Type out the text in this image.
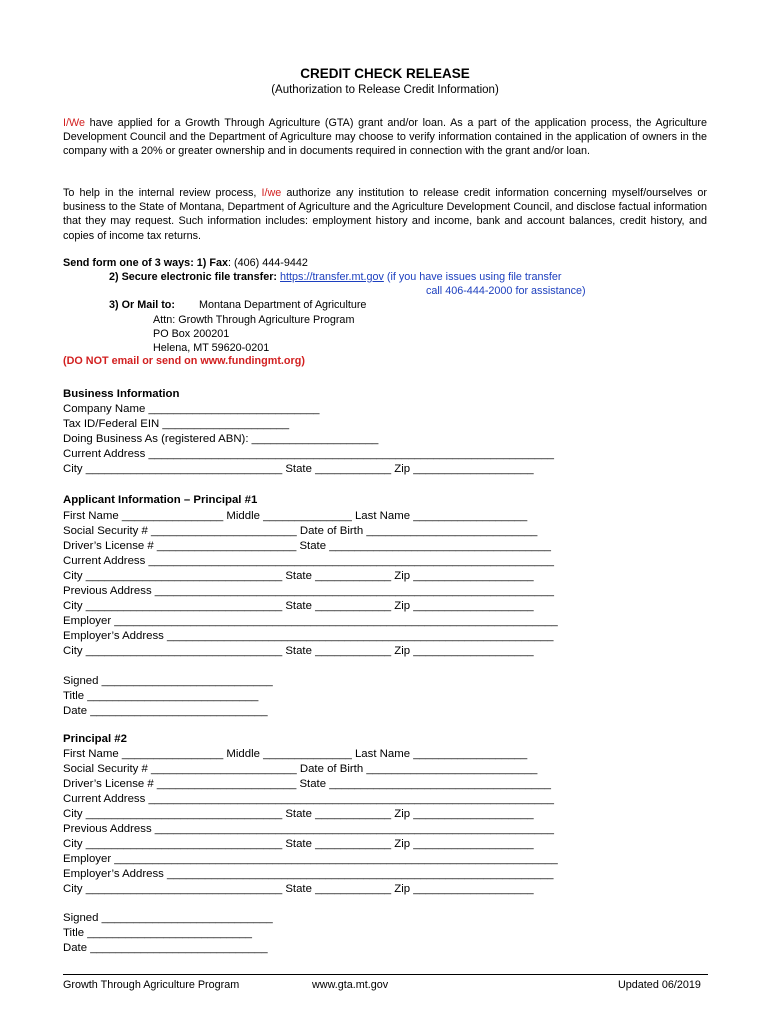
CREDIT CHECK RELEASE
(Authorization to Release Credit Information)
I/We have applied for a Growth Through Agriculture (GTA) grant and/or loan. As a part of the application process, the Agriculture Development Council and the Department of Agriculture may choose to verify information contained in the application of owners in the company with a 20% or greater ownership and in documents required in connection with the grant and/or loan.
To help in the internal review process, I/we authorize any institution to release credit information concerning myself/ourselves or business to the State of Montana, Department of Agriculture and the Agriculture Development Council, and disclose factual information that they may request. Such information includes: employment history and income, bank and account balances, credit history, and copies of income tax returns.
Send form one of 3 ways: 1) Fax: (406) 444-9442
2) Secure electronic file transfer: https://transfer.mt.gov (if you have issues using file transfer
call 406-444-2000 for assistance)
3) Or Mail to: Montana Department of Agriculture
Attn: Growth Through Agriculture Program
PO Box 200201
Helena, MT 59620-0201
(DO NOT email or send on www.fundingmt.org)
Business Information
Company Name ___________________________
Tax ID/Federal EIN ____________________
Doing Business As (registered ABN): ____________________
Current Address ________________________________________________________________
City _______________________________ State ____________ Zip ___________________
Applicant Information – Principal #1
First Name ________________ Middle ______________ Last Name __________________
Social Security # _______________________ Date of Birth ___________________________
Driver’s License # ______________________ State ___________________________________
Current Address ________________________________________________________________
City _______________________________ State ____________ Zip ___________________
Previous Address _______________________________________________________________
City _______________________________ State ____________ Zip ___________________
Employer ______________________________________________________________________
Employer’s Address _____________________________________________________________
City _______________________________ State ____________ Zip ___________________
Signed ___________________________
Title ___________________________
Date ____________________________
Principal #2
First Name ________________ Middle ______________ Last Name __________________
Social Security # _______________________ Date of Birth ___________________________
Driver’s License # ______________________ State ___________________________________
Current Address ________________________________________________________________
City _______________________________ State ____________ Zip ___________________
Previous Address _______________________________________________________________
City _______________________________ State ____________ Zip ___________________
Employer ______________________________________________________________________
Employer’s Address _____________________________________________________________
City _______________________________ State ____________ Zip ___________________
Signed ___________________________
Title __________________________
Date ____________________________
Growth Through Agriculture Program	www.gta.mt.gov	Updated 06/2019
